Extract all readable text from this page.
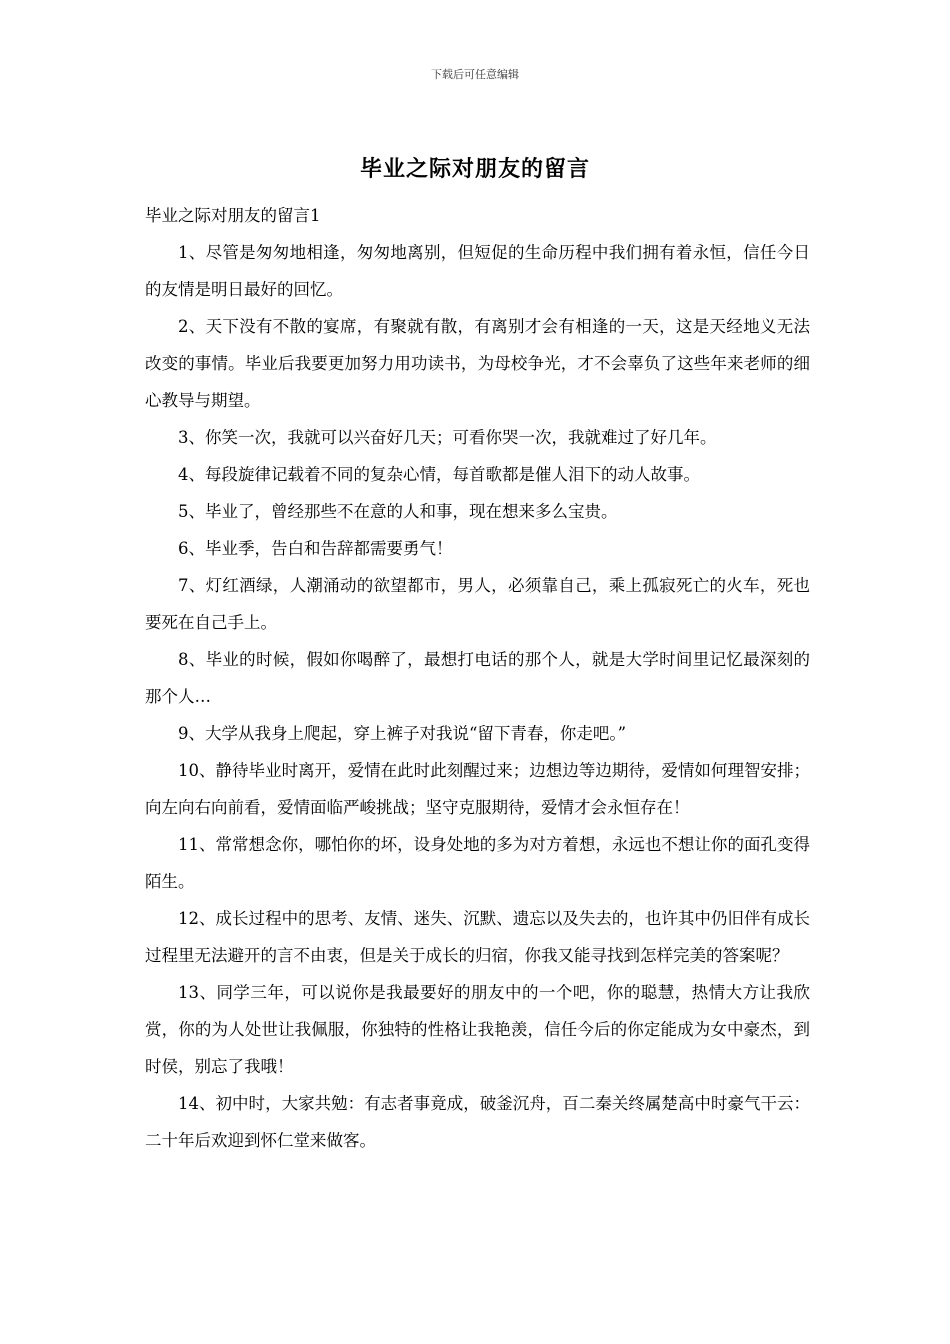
下载后可任意编辑
毕业之际对朋友的留言

毕业之际对朋友的留言1

1、尽管是匆匆地相逢，匆匆地离别，但短促的生命历程中我们拥有着永恒，信任今日的友情是明日最好的回忆。

2、天下没有不散的宴席，有聚就有散，有离别才会有相逢的一天，这是天经地义无法改变的事情。毕业后我要更加努力用功读书，为母校争光，才不会辜负了这些年来老师的细心教导与期望。

3、你笑一次，我就可以兴奋好几天；可看你哭一次，我就难过了好几年。

4、每段旋律记载着不同的复杂心情，每首歌都是催人泪下的动人故事。

5、毕业了，曾经那些不在意的人和事，现在想来多么宝贵。

6、毕业季，告白和告辞都需要勇气！

7、灯红酒绿，人潮涌动的欲望都市，男人，必须靠自己，乘上孤寂死亡的火车，死也要死在自己手上。

8、毕业的时候，假如你喝醉了，最想打电话的那个人，就是大学时间里记忆最深刻的那个人…

9、大学从我身上爬起，穿上裤子对我说“留下青春，你走吧。”

10、静待毕业时离开，爱情在此时此刻醒过来；边想边等边期待，爱情如何理智安排；向左向右向前看，爱情面临严峻挑战；坚守克服期待，爱情才会永恒存在！

11、常常想念你，哪怕你的坏，设身处地的多为对方着想，永远也不想让你的面孔变得陌生。

12、成长过程中的思考、友情、迷失、沉默、遗忘以及失去的，也许其中仍旧伴有成长过程里无法避开的言不由衷，但是关于成长的归宿，你我又能寻找到怎样完美的答案呢？

13、同学三年，可以说你是我最要好的朋友中的一个吧，你的聪慧，热情大方让我欣赏，你的为人处世让我佩服，你独特的性格让我艳羡，信任今后的你定能成为女中豪杰，到时侯，别忘了我哦！

14、初中时，大家共勉：有志者事竟成，破釜沉舟，百二秦关终属楚高中时豪气干云：二十年后欢迎到怀仁堂来做客。
